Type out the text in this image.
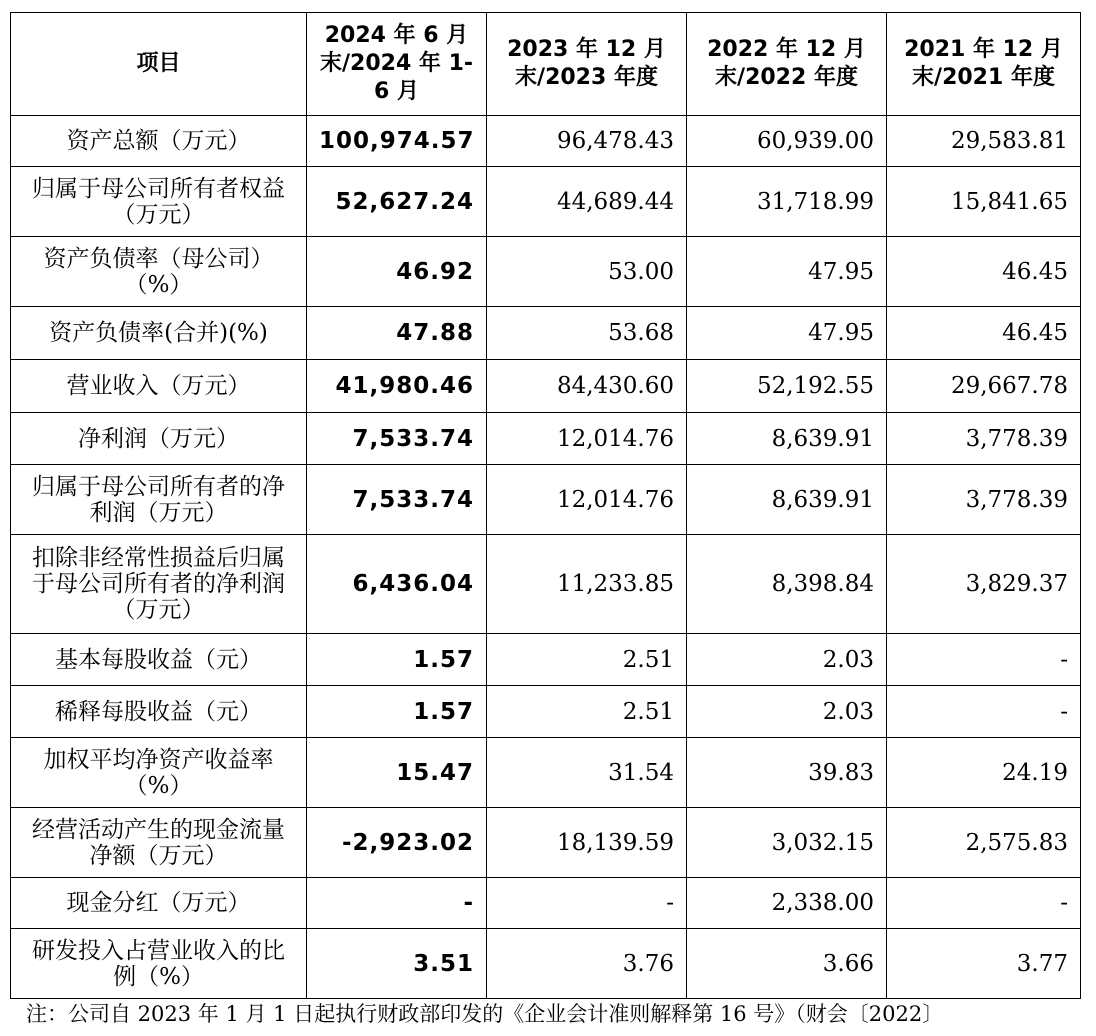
项目	2024 年 6 月末/2024 年 1-6 月	2023 年 12 月末/2023 年度	2022 年 12 月末/2022 年度	2021 年 12 月末/2021 年度
资产总额（万元）	100,974.57	96,478.43	60,939.00	29,583.81
归属于母公司所有者权益（万元）	52,627.24	44,689.44	31,718.99	15,841.65
资产负债率（母公司）（%）	46.92	53.00	47.95	46.45
资产负债率(合并)(%)	47.88	53.68	47.95	46.45
营业收入（万元）	41,980.46	84,430.60	52,192.55	29,667.78
净利润（万元）	7,533.74	12,014.76	8,639.91	3,778.39
归属于母公司所有者的净利润（万元）	7,533.74	12,014.76	8,639.91	3,778.39
扣除非经常性损益后归属于母公司所有者的净利润（万元）	6,436.04	11,233.85	8,398.84	3,829.37
基本每股收益（元）	1.57	2.51	2.03	-
稀释每股收益（元）	1.57	2.51	2.03	-
加权平均净资产收益率（%）	15.47	31.54	39.83	24.19
经营活动产生的现金流量净额（万元）	-2,923.02	18,139.59	3,032.15	2,575.83
现金分红（万元）	-	-	2,338.00	-
研发投入占营业收入的比例（%）	3.51	3.76	3.66	3.77
注：公司自 2023 年 1 月 1 日起执行财政部印发的《企业会计准则解释第 16 号》（财会〔2022〕
